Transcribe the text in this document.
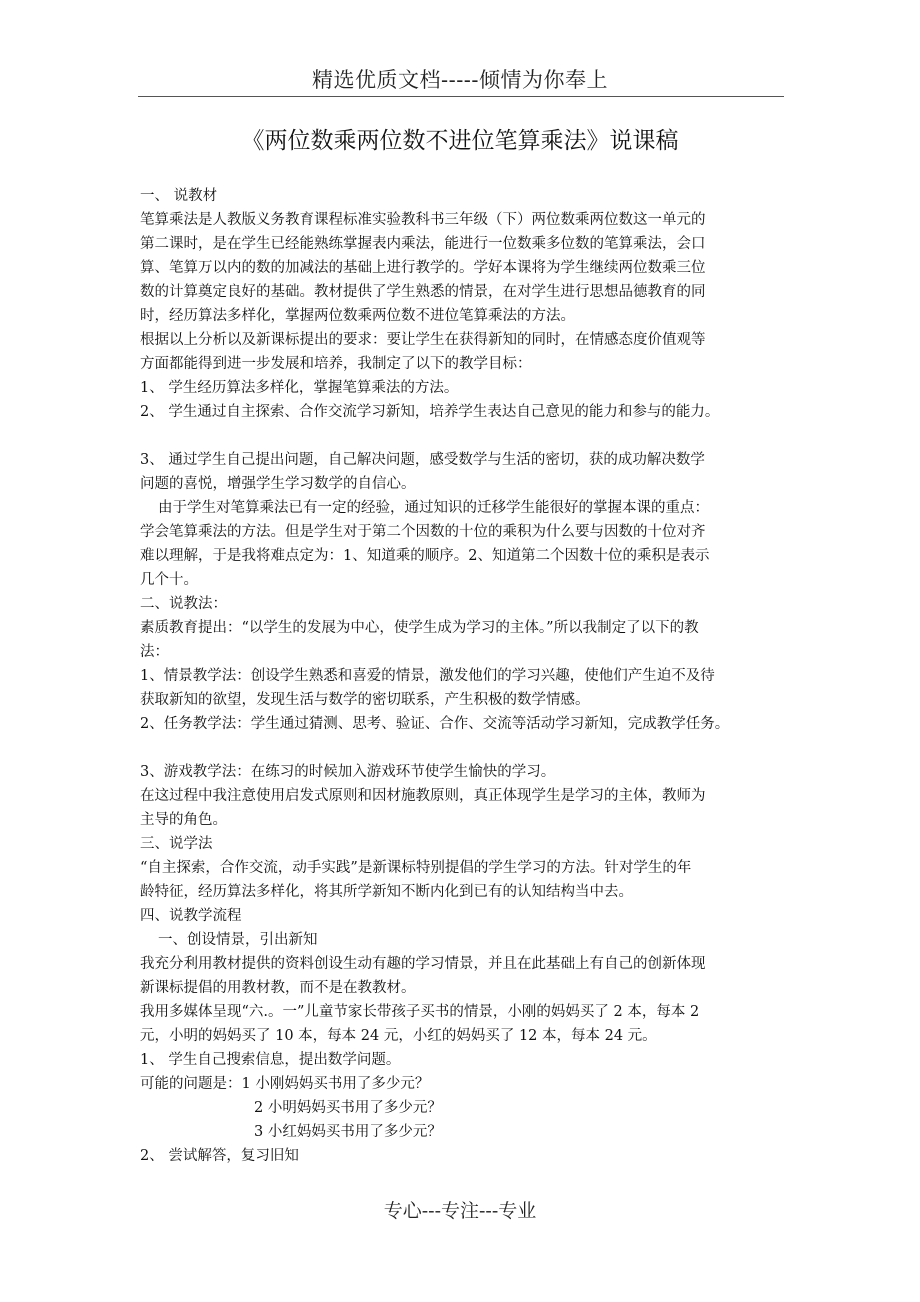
精选优质文档-----倾情为你奉上
《两位数乘两位数不进位笔算乘法》说课稿
一、 说教材
笔算乘法是人教版义务教育课程标准实验教科书三年级（下）两位数乘两位数这一单元的
第二课时，是在学生已经能熟练掌握表内乘法，能进行一位数乘多位数的笔算乘法，会口
算、笔算万以内的数的加减法的基础上进行教学的。学好本课将为学生继续两位数乘三位
数的计算奠定良好的基础。教材提供了学生熟悉的情景，在对学生进行思想品德教育的同
时，经历算法多样化，掌握两位数乘两位数不进位笔算乘法的方法。
根据以上分析以及新课标提出的要求：要让学生在获得新知的同时，在情感态度价值观等
方面都能得到进一步发展和培养，我制定了以下的教学目标：
1、 学生经历算法多样化，掌握笔算乘法的方法。
2、 学生通过自主探索、合作交流学习新知，培养学生表达自己意见的能力和参与的能力。
3、 通过学生自己提出问题，自己解决问题，感受数学与生活的密切，获的成功解决数学
问题的喜悦，增强学生学习数学的自信心。
由于学生对笔算乘法已有一定的经验，通过知识的迁移学生能很好的掌握本课的重点：
学会笔算乘法的方法。但是学生对于第二个因数的十位的乘积为什么要与因数的十位对齐
难以理解，于是我将难点定为：1、知道乘的顺序。2、知道第二个因数十位的乘积是表示
几个十。
二、说教法：
素质教育提出：“以学生的发展为中心，使学生成为学习的主体。”所以我制定了以下的教
法：
1、情景教学法：创设学生熟悉和喜爱的情景，激发他们的学习兴趣，使他们产生迫不及待
获取新知的欲望，发现生活与数学的密切联系，产生积极的数学情感。
2、任务教学法：学生通过猜测、思考、验证、合作、交流等活动学习新知，完成教学任务。
3、游戏教学法：在练习的时候加入游戏环节使学生愉快的学习。
在这过程中我注意使用启发式原则和因材施教原则，真正体现学生是学习的主体，教师为
主导的角色。
三、说学法
“自主探索，合作交流，动手实践”是新课标特别提倡的学生学习的方法。针对学生的年
龄特征，经历算法多样化，将其所学新知不断内化到已有的认知结构当中去。
四、说教学流程
一、创设情景，引出新知
我充分利用教材提供的资料创设生动有趣的学习情景，并且在此基础上有自己的创新体现
新课标提倡的用教材教，而不是在教教材。
我用多媒体呈现“六.。一”儿童节家长带孩子买书的情景，小刚的妈妈买了 2 本，每本 2
元，小明的妈妈买了 10 本，每本 24 元，小红的妈妈买了 12 本，每本 24 元。
1、 学生自己搜索信息，提出数学问题。
可能的问题是：1 小刚妈妈买书用了多少元？
2 小明妈妈买书用了多少元？
3 小红妈妈买书用了多少元？
2、 尝试解答，复习旧知
专心---专注---专业
